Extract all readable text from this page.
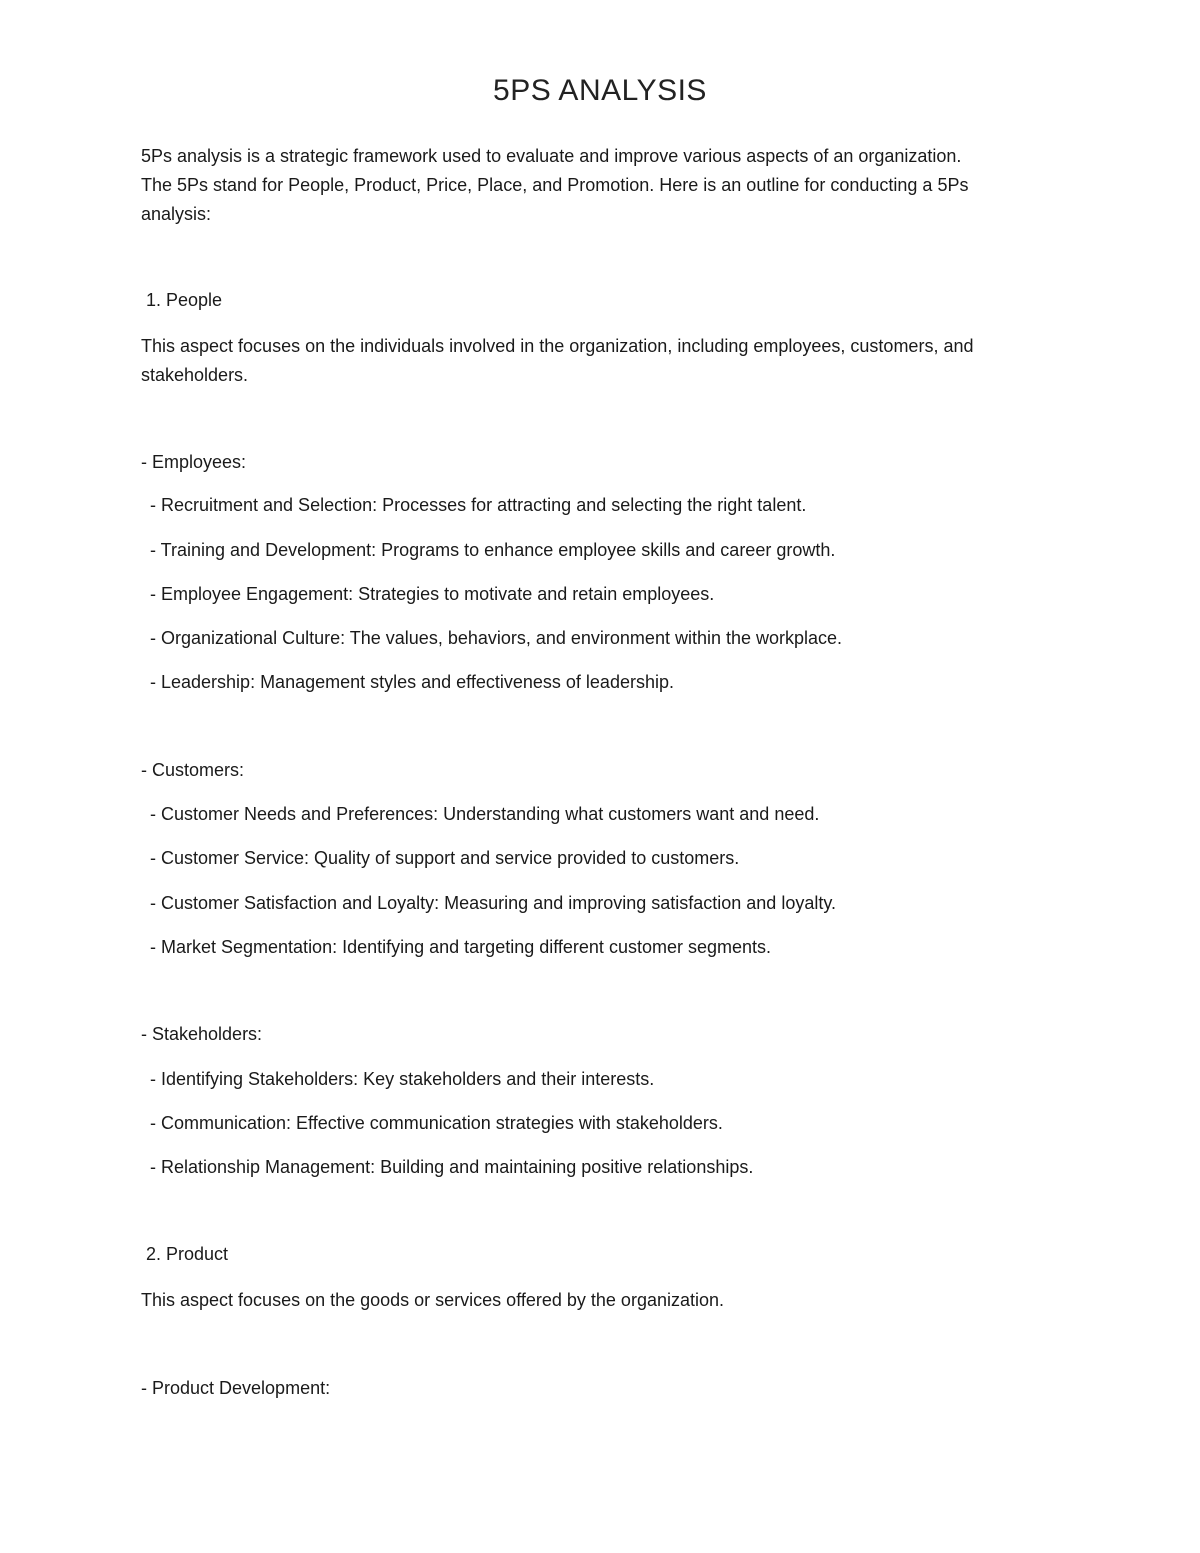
5PS ANALYSIS
5Ps analysis is a strategic framework used to evaluate and improve various aspects of an organization.
The 5Ps stand for People, Product, Price, Place, and Promotion. Here is an outline for conducting a 5Ps
analysis:
1. People
This aspect focuses on the individuals involved in the organization, including employees, customers, and
stakeholders.
- Employees:
- Recruitment and Selection: Processes for attracting and selecting the right talent.
- Training and Development: Programs to enhance employee skills and career growth.
- Employee Engagement: Strategies to motivate and retain employees.
- Organizational Culture: The values, behaviors, and environment within the workplace.
- Leadership: Management styles and effectiveness of leadership.
- Customers:
- Customer Needs and Preferences: Understanding what customers want and need.
- Customer Service: Quality of support and service provided to customers.
- Customer Satisfaction and Loyalty: Measuring and improving satisfaction and loyalty.
- Market Segmentation: Identifying and targeting different customer segments.
- Stakeholders:
- Identifying Stakeholders: Key stakeholders and their interests.
- Communication: Effective communication strategies with stakeholders.
- Relationship Management: Building and maintaining positive relationships.
2. Product
This aspect focuses on the goods or services offered by the organization.
- Product Development:
